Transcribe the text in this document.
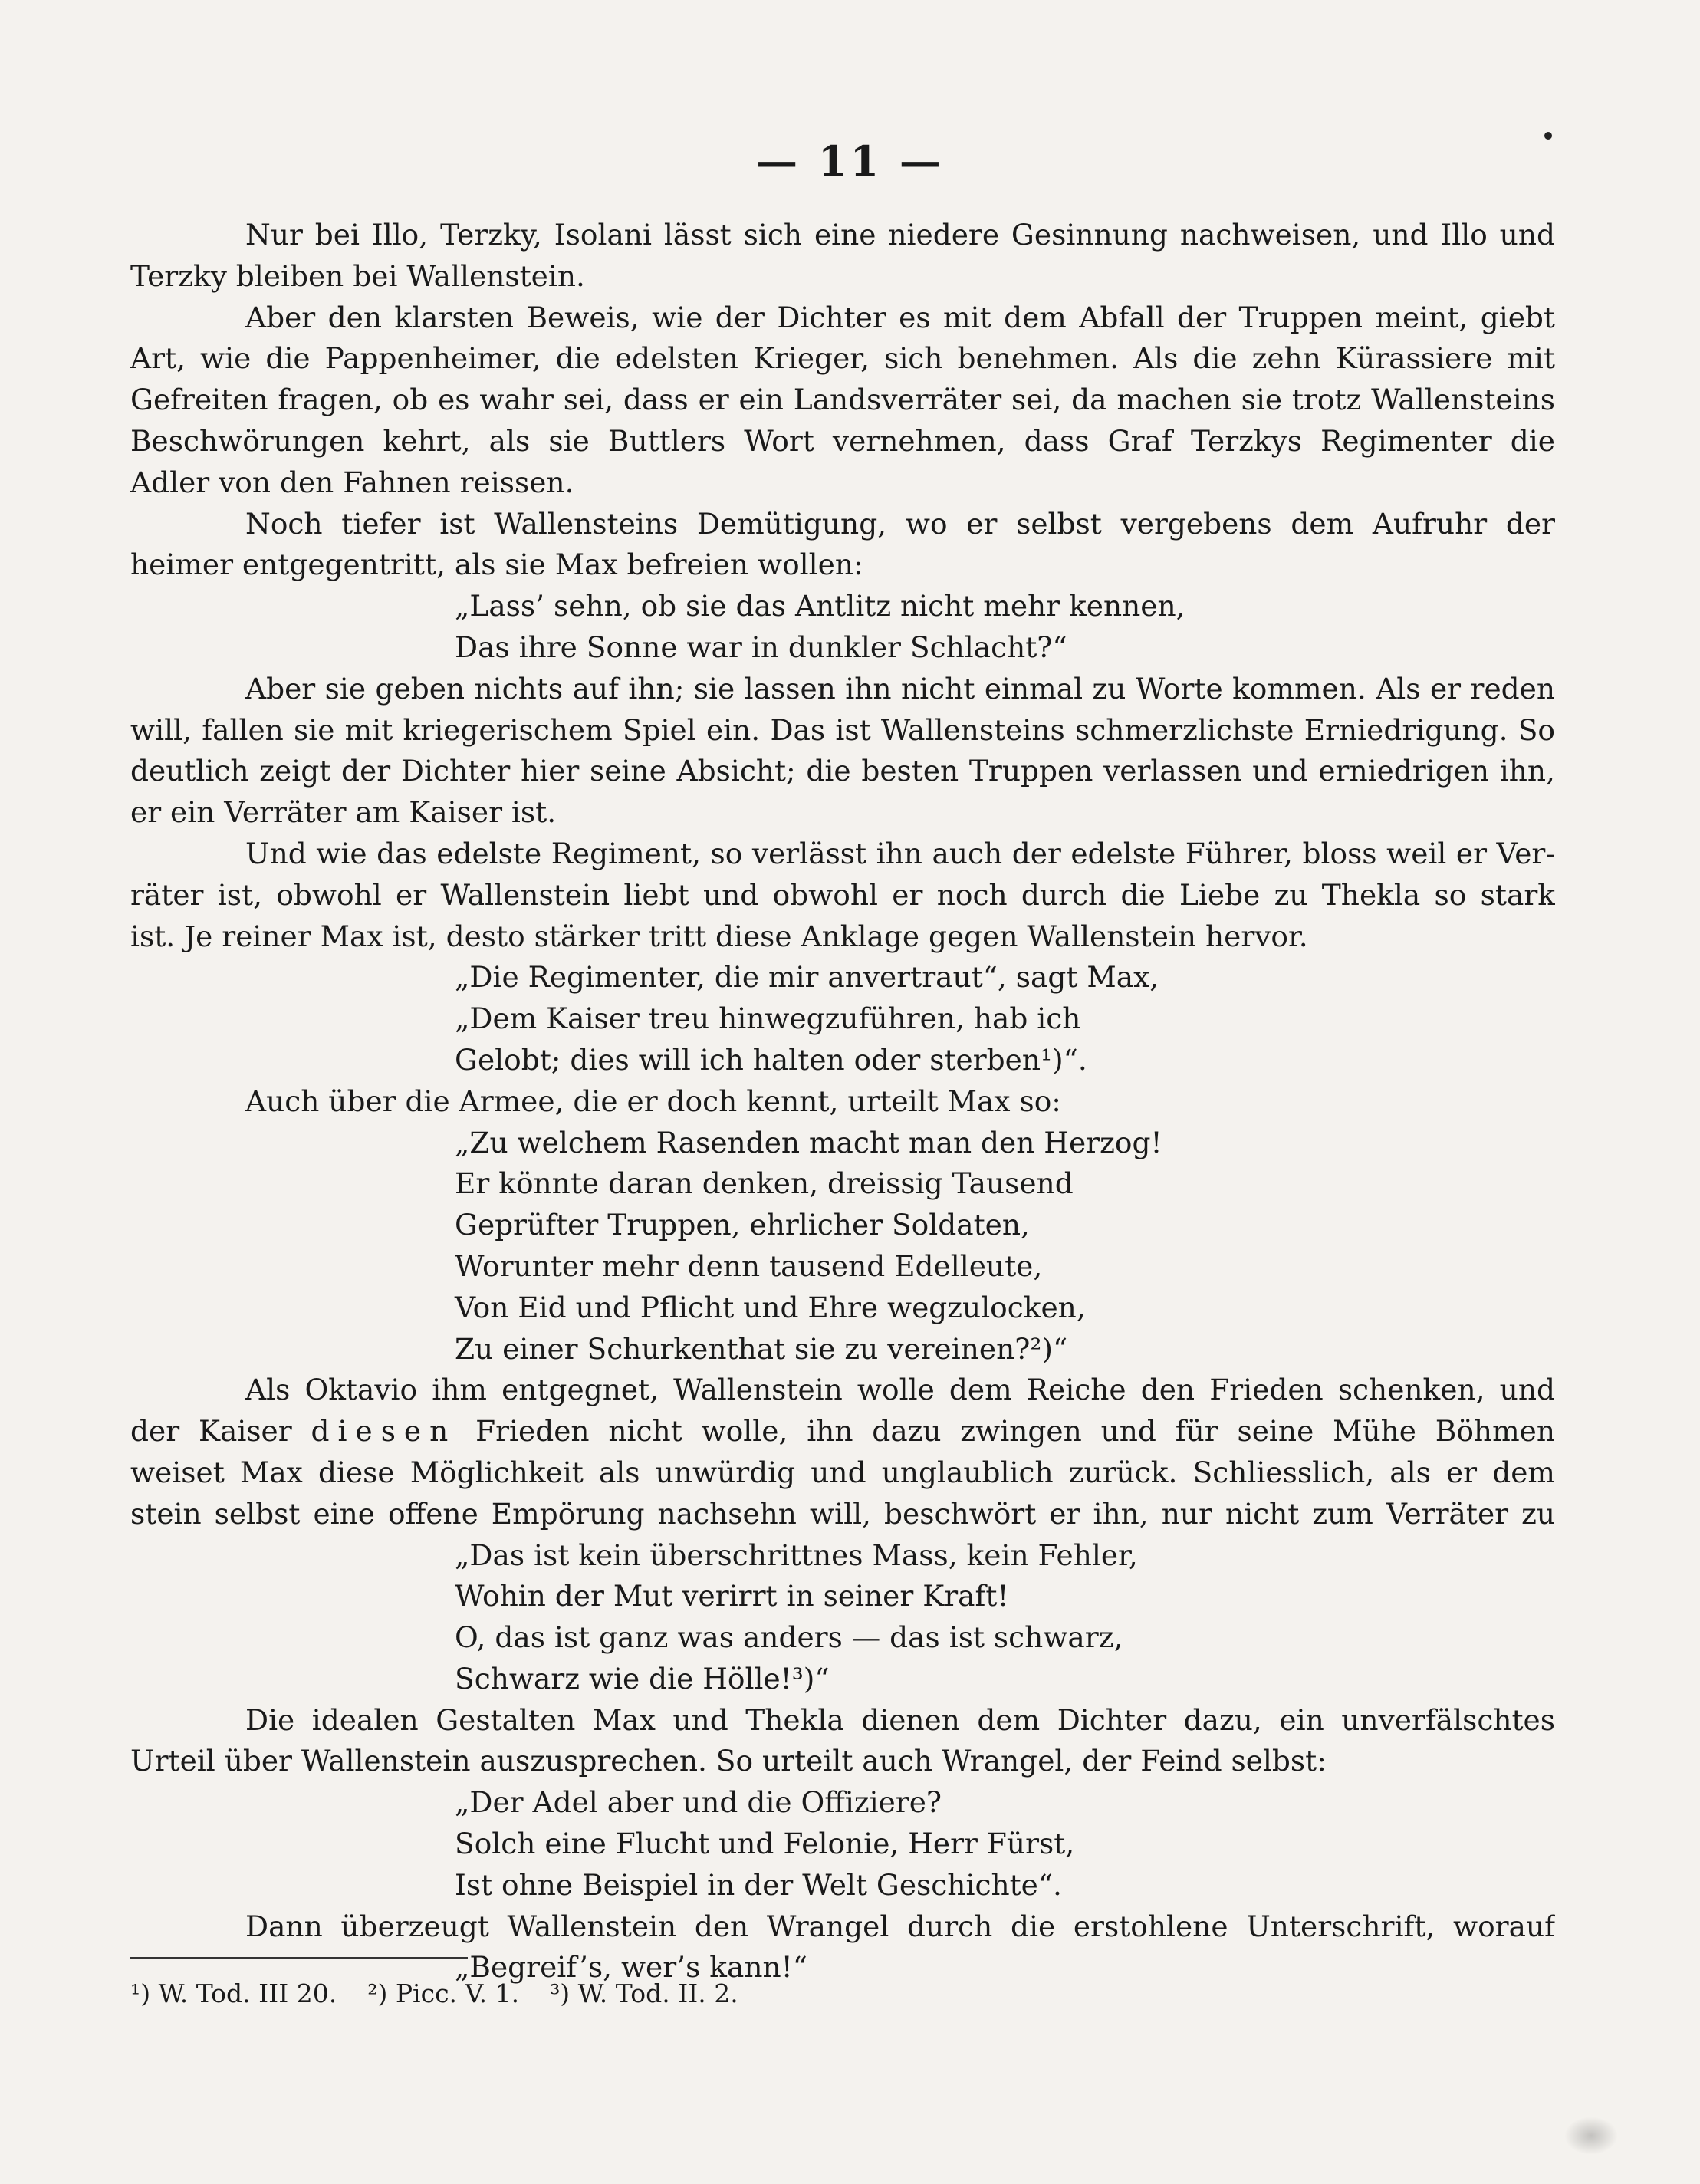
— 11 —
Nur bei Illo, Terzky, Isolani lässt sich eine niedere Gesinnung nachweisen, und Illo und
Terzky bleiben bei Wallenstein.
Aber den klarsten Beweis, wie der Dichter es mit dem Abfall der Truppen meint, giebt
Art, wie die Pappenheimer, die edelsten Krieger, sich benehmen. Als die zehn Kürassiere mit
Gefreiten fragen, ob es wahr sei, dass er ein Landsverräter sei, da machen sie trotz Wallensteins
Beschwörungen kehrt, als sie Buttlers Wort vernehmen, dass Graf Terzkys Regimenter die
Adler von den Fahnen reissen.
Noch tiefer ist Wallensteins Demütigung, wo er selbst vergebens dem Aufruhr der
heimer entgegentritt, als sie Max befreien wollen:
„Lass’ sehn, ob sie das Antlitz nicht mehr kennen,
Das ihre Sonne war in dunkler Schlacht?“
Aber sie geben nichts auf ihn; sie lassen ihn nicht einmal zu Worte kommen. Als er reden
will, fallen sie mit kriegerischem Spiel ein. Das ist Wallensteins schmerzlichste Erniedrigung. So
deutlich zeigt der Dichter hier seine Absicht; die besten Truppen verlassen und erniedrigen ihn,
er ein Verräter am Kaiser ist.
Und wie das edelste Regiment, so verlässt ihn auch der edelste Führer, bloss weil er Ver-
räter ist, obwohl er Wallenstein liebt und obwohl er noch durch die Liebe zu Thekla so stark
ist. Je reiner Max ist, desto stärker tritt diese Anklage gegen Wallenstein hervor.
„Die Regimenter, die mir anvertraut“, sagt Max,
„Dem Kaiser treu hinwegzuführen, hab ich
Gelobt; dies will ich halten oder sterben¹)“.
Auch über die Armee, die er doch kennt, urteilt Max so:
„Zu welchem Rasenden macht man den Herzog!
Er könnte daran denken, dreissig Tausend
Geprüfter Truppen, ehrlicher Soldaten,
Worunter mehr denn tausend Edelleute,
Von Eid und Pflicht und Ehre wegzulocken,
Zu einer Schurkenthat sie zu vereinen?²)“
Als Oktavio ihm entgegnet, Wallenstein wolle dem Reiche den Frieden schenken, und
der Kaiser diesen Frieden nicht wolle, ihn dazu zwingen und für seine Mühe Böhmen
weiset Max diese Möglichkeit als unwürdig und unglaublich zurück. Schliesslich, als er dem
stein selbst eine offene Empörung nachsehn will, beschwört er ihn, nur nicht zum Verräter zu
„Das ist kein überschrittnes Mass, kein Fehler,
Wohin der Mut verirrt in seiner Kraft!
O, das ist ganz was anders — das ist schwarz,
Schwarz wie die Hölle!³)“
Die idealen Gestalten Max und Thekla dienen dem Dichter dazu, ein unverfälschtes
Urteil über Wallenstein auszusprechen. So urteilt auch Wrangel, der Feind selbst:
„Der Adel aber und die Offiziere?
Solch eine Flucht und Felonie, Herr Fürst,
Ist ohne Beispiel in der Welt Geschichte“.
Dann überzeugt Wallenstein den Wrangel durch die erstohlene Unterschrift, worauf
„Begreif’s, wer’s kann!“
¹) W. Tod. III 20. ²) Picc. V. 1. ³) W. Tod. II. 2.
